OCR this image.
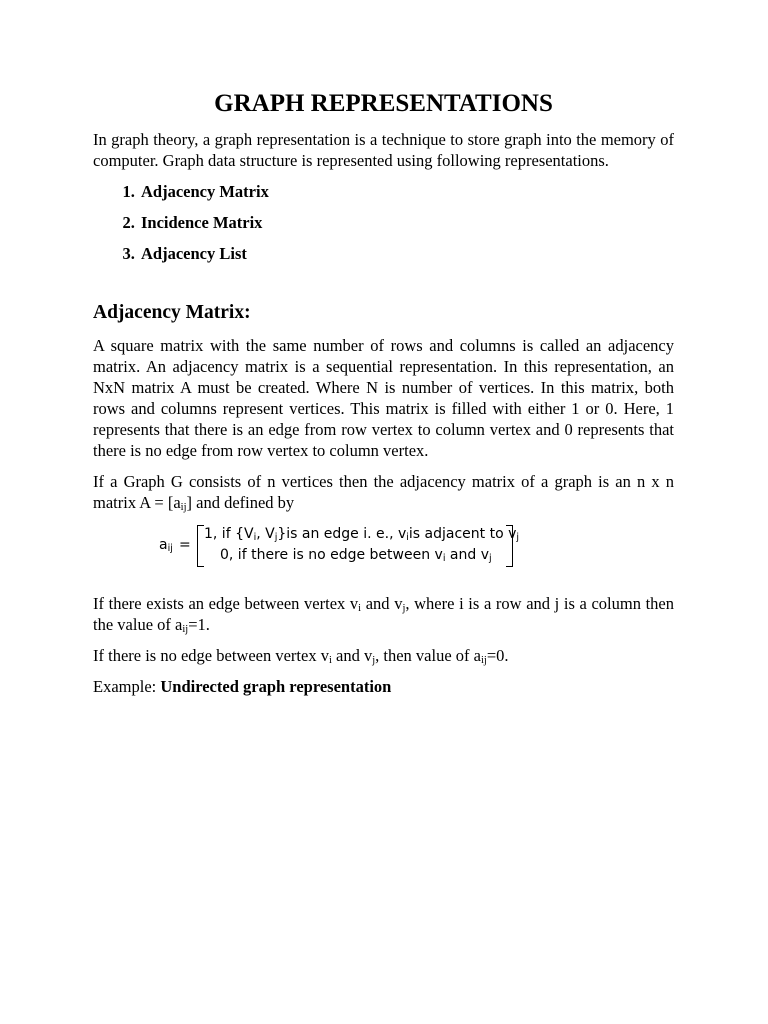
GRAPH REPRESENTATIONS

In graph theory, a graph representation is a technique to store graph into the memory of computer. Graph data structure is represented using following representations.

1. Adjacency Matrix
2. Incidence Matrix
3. Adjacency List
Adjacency Matrix:

A square matrix with the same number of rows and columns is called an adjacency matrix. An adjacency matrix is a sequential representation. In this representation, an NxN matrix A must be created. Where N is number of vertices. In this matrix, both rows and columns represent vertices. This matrix is filled with either 1 or 0. Here, 1 represents that there is an edge from row vertex to column vertex and 0 represents that there is no edge from row vertex to column vertex.

If a Graph G consists of n vertices then the adjacency matrix of a graph is an n x n matrix $A = [a_{ij}]$ and defined by

$a_{ij}$ =
1, if {$V_i$, $V_j\}is$ an edge i. e., $v_iis$ adjacent to $v_j$
0, if there is no edge between $v_i$ and $v_j$

If there exists an edge between vertex $v_i$ and $v_j$, where i is a row and j is a column then the value of $a_{ij}=1$.

If there is no edge between vertex $v_i$ and $v_j$, then value of $a_{ij}=0$.

Example: Undirected graph representation
